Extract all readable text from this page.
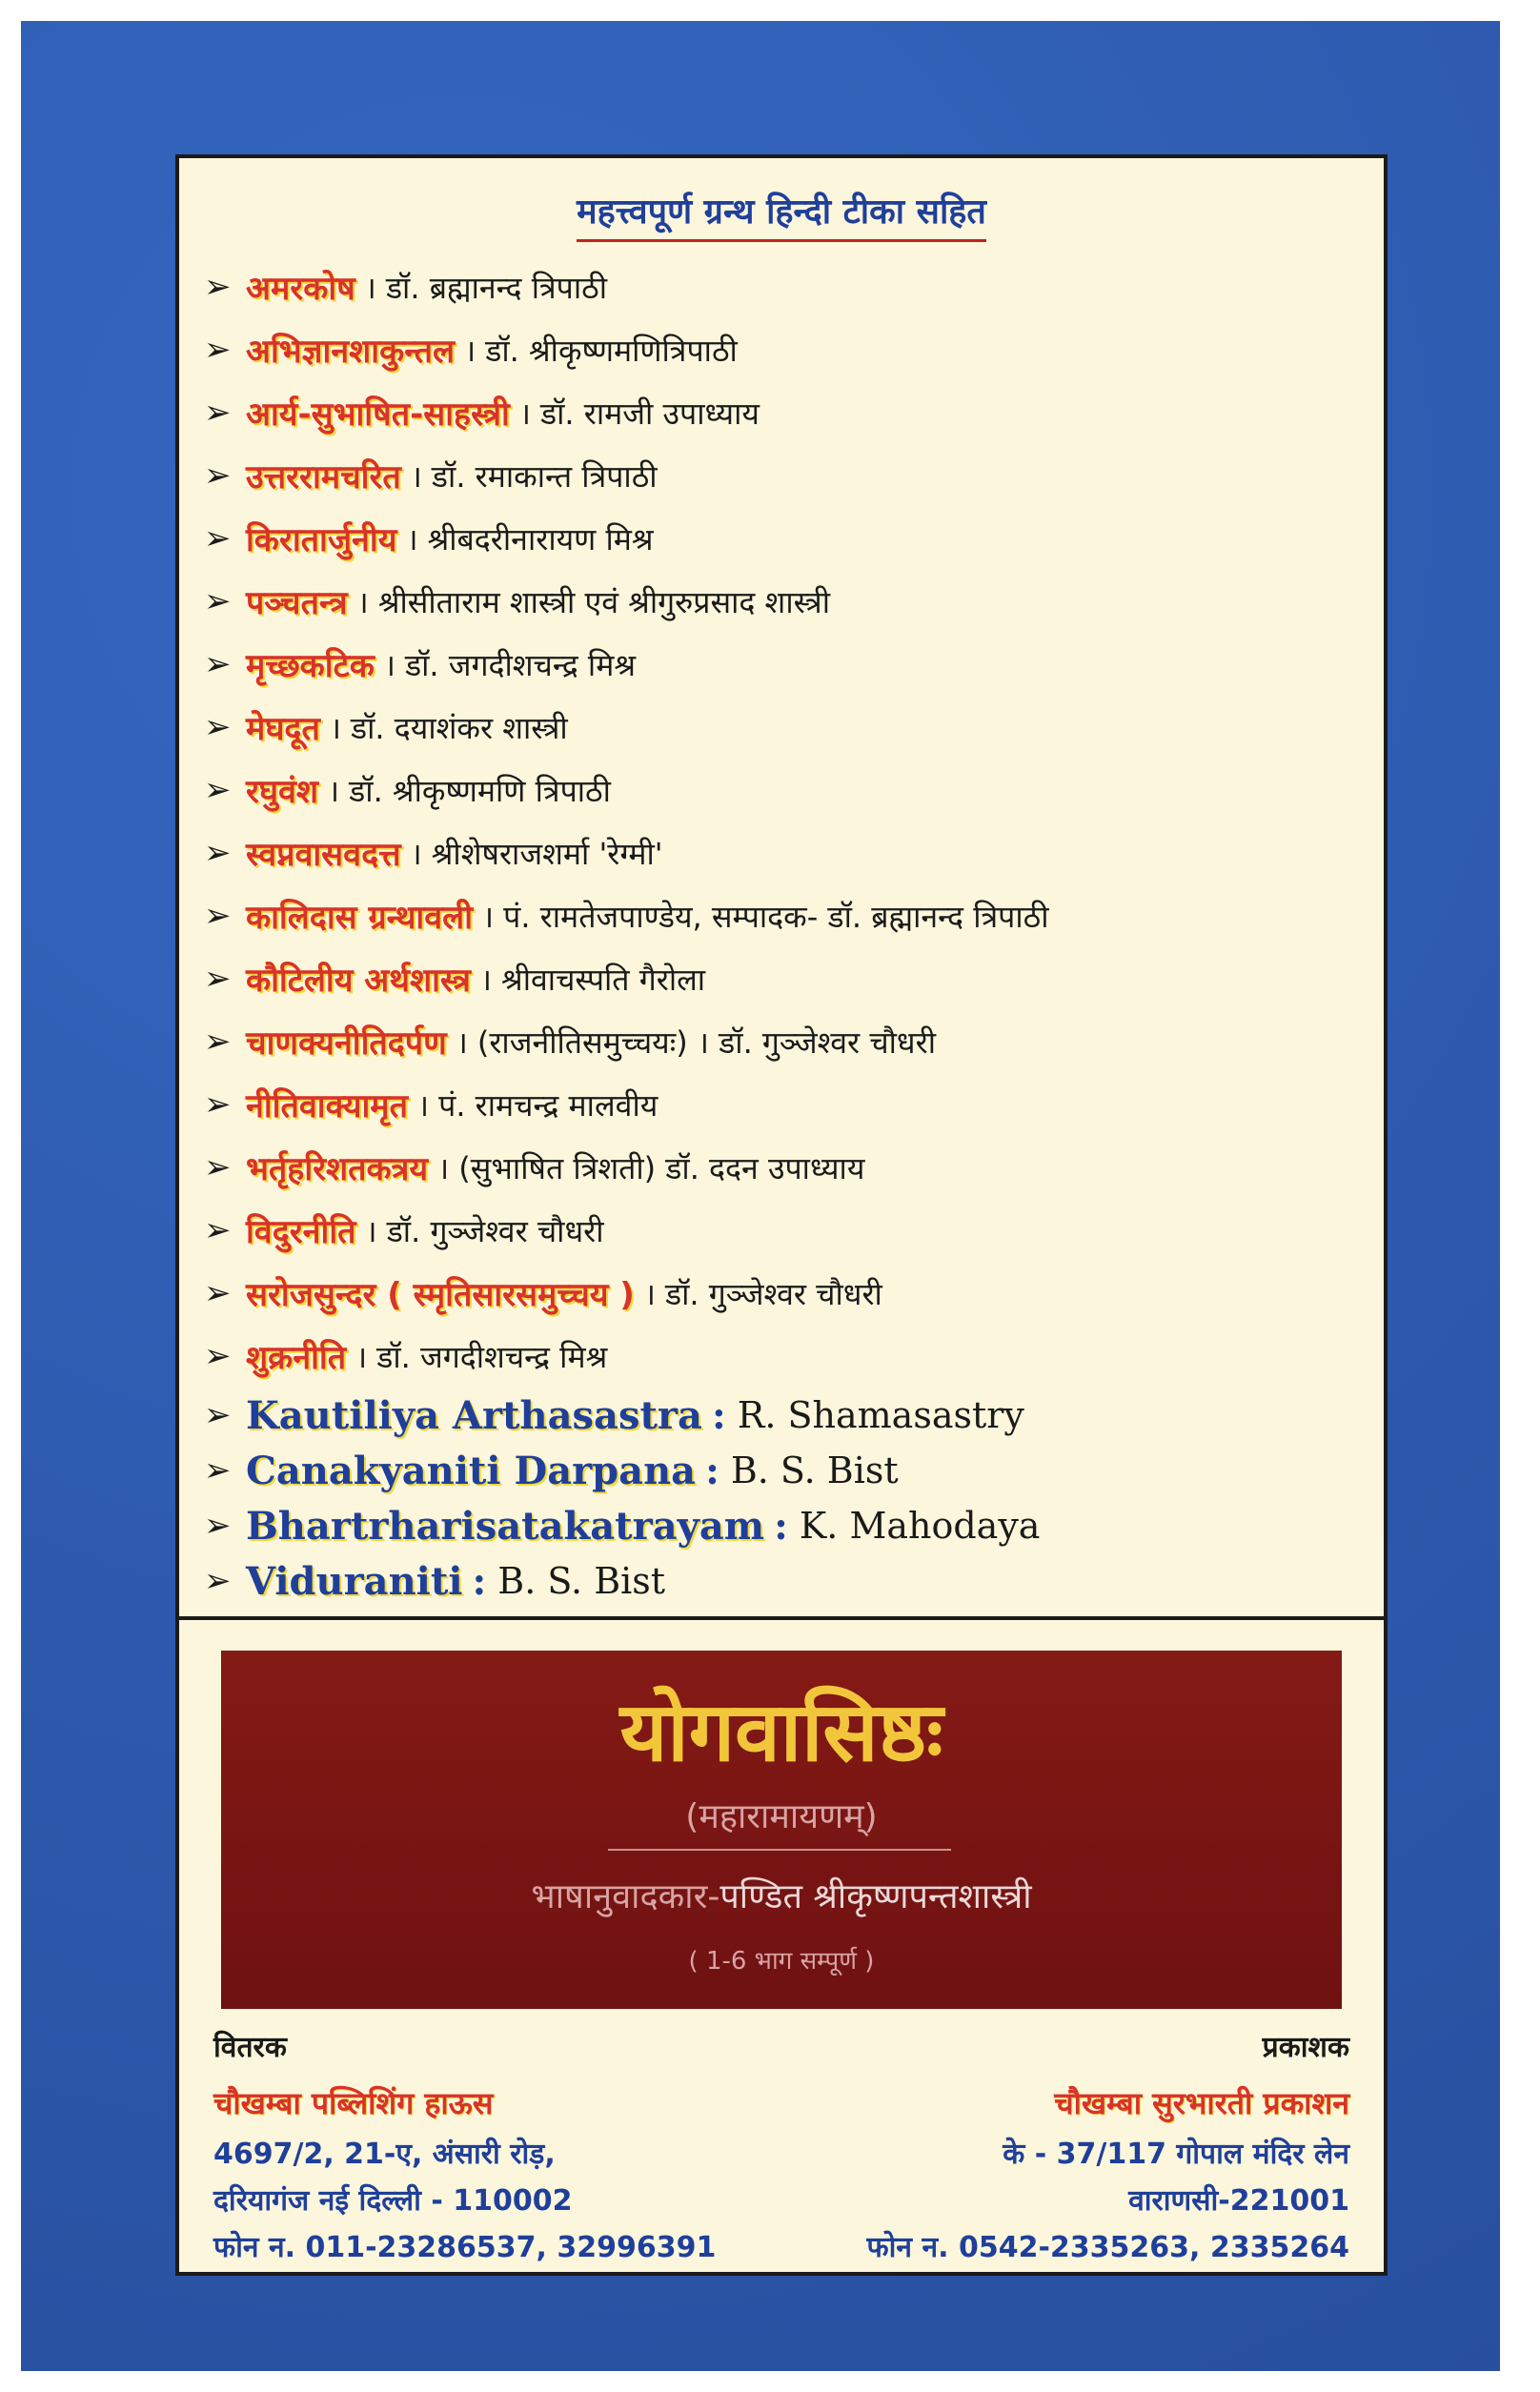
महत्त्वपूर्ण ग्रन्थ हिन्दी टीका सहित
➢ अमरकोष । डॉ. ब्रह्मानन्द त्रिपाठी
➢ अभिज्ञानशाकुन्तल । डॉ. श्रीकृष्णमणित्रिपाठी
➢ आर्य-सुभाषित-साहस्त्री । डॉ. रामजी उपाध्याय
➢ उत्तररामचरित । डॉ. रमाकान्त त्रिपाठी
➢ किरातार्जुनीय । श्रीबदरीनारायण मिश्र
➢ पञ्चतन्त्र । श्रीसीताराम शास्त्री एवं श्रीगुरुप्रसाद शास्त्री
➢ मृच्छकटिक । डॉ. जगदीशचन्द्र मिश्र
➢ मेघदूत । डॉ. दयाशंकर शास्त्री
➢ रघुवंश । डॉ. श्रीकृष्णमणि त्रिपाठी
➢ स्वप्नवासवदत्त । श्रीशेषराजशर्मा 'रेग्मी'
➢ कालिदास ग्रन्थावली । पं. रामतेजपाण्डेय, सम्पादक- डॉ. ब्रह्मानन्द त्रिपाठी
➢ कौटिलीय अर्थशास्त्र । श्रीवाचस्पति गैरोला
➢ चाणक्यनीतिदर्पण । (राजनीतिसमुच्चयः) । डॉ. गुञ्जेश्वर चौधरी
➢ नीतिवाक्यामृत । पं. रामचन्द्र मालवीय
➢ भर्तृहरिशतकत्रय । (सुभाषित त्रिशती) डॉ. ददन उपाध्याय
➢ विदुरनीति । डॉ. गुञ्जेश्वर चौधरी
➢ सरोजसुन्दर ( स्मृतिसारसमुच्चय ) । डॉ. गुञ्जेश्वर चौधरी
➢ शुक्रनीति । डॉ. जगदीशचन्द्र मिश्र
➢ Kautiliya Arthasastra : R. Shamasastry
➢ Canakyaniti Darpana : B. S. Bist
➢ Bhartrharisatakatrayam : K. Mahodaya
➢ Viduraniti : B. S. Bist
योगवासिष्ठः
(महारामायणम्)
भाषानुवादकार-पण्डित श्रीकृष्णपन्तशास्त्री
( 1-6 भाग सम्पूर्ण )
वितरक
चौखम्बा पब्लिशिंग हाऊस
4697/2, 21-ए, अंसारी रोड़,
दरियागंज नई दिल्ली - 110002
फोन न. 011-23286537, 32996391
प्रकाशक
चौखम्बा सुरभारती प्रकाशन
के - 37/117 गोपाल मंदिर लेन
वाराणसी-221001
फोन न. 0542-2335263, 2335264
